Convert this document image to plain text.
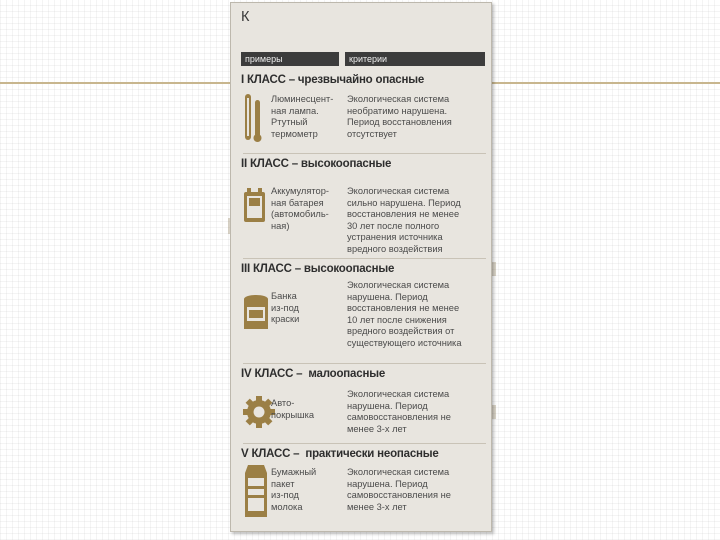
К
примеры	критерии
I КЛАСС – чрезвычайно опасные
Люминесцент-
ная лампа.
Ртутный
термометр
Экологическая система
необратимо нарушена.
Период восстановления
отсутствует
II КЛАСС – высокоопасные
Аккумулятор-
ная батарея
(автомобиль-
ная)
Экологическая система
сильно нарушена. Период
восстановления не менее
30 лет после полного
устранения источника
вредного воздействия
III КЛАСС – высокоопасные
Банка
из-под
краски
Экологическая система
нарушена. Период
восстановления не менее
10 лет после снижения
вредного воздействия от
существующего источника
IV КЛАСС –  малоопасные
Авто-
покрышка
Экологическая система
нарушена. Период
самовосстановления не
менее 3-х лет
V КЛАСС –  практически неопасные
Бумажный
пакет
из-под
молока
Экологическая система
нарушена. Период
самовосстановления не
менее 3-х лет
